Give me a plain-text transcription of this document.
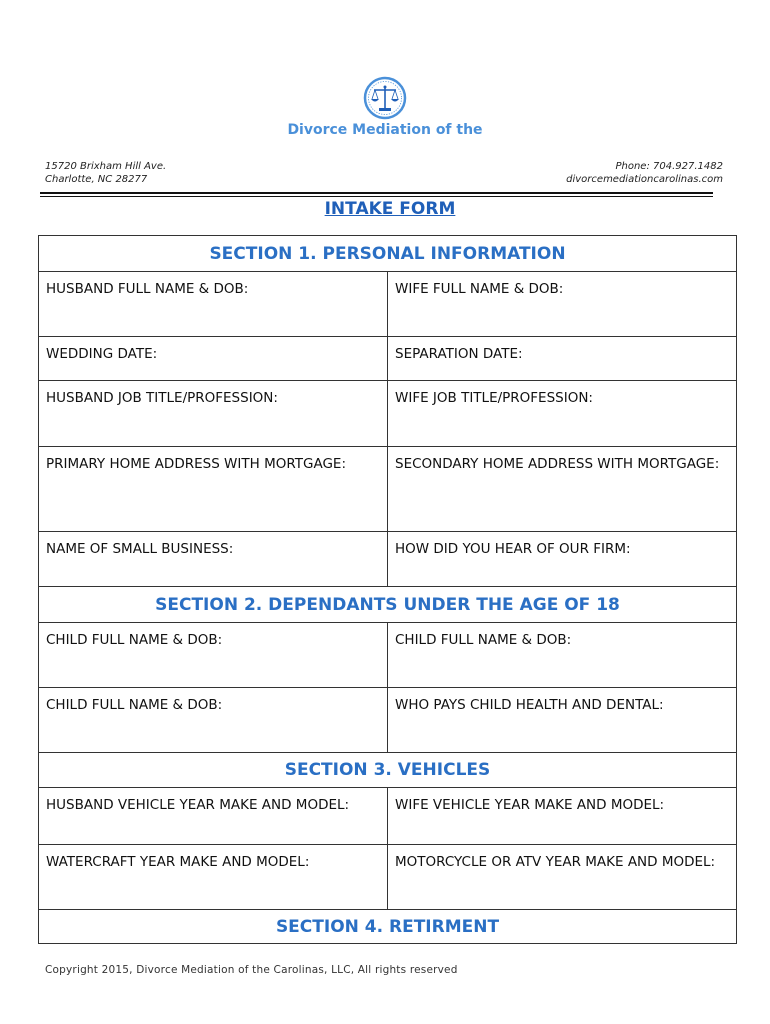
Divorce Mediation of the
15720 Brixham Hill Ave.
Charlotte, NC 28277
Phone: 704.927.1482
divorcemediationcarolinas.com
INTAKE FORM
SECTION 1. PERSONAL INFORMATION	
HUSBAND FULL NAME & DOB:	WIFE FULL NAME & DOB:
WEDDING DATE:	SEPARATION DATE:
HUSBAND JOB TITLE/PROFESSION:	WIFE JOB TITLE/PROFESSION:
PRIMARY HOME ADDRESS WITH MORTGAGE:	SECONDARY HOME ADDRESS WITH MORTGAGE:
NAME OF SMALL BUSINESS:	HOW DID YOU HEAR OF OUR FIRM:
SECTION 2. DEPENDANTS UNDER THE AGE OF 18	
CHILD FULL NAME & DOB:	CHILD FULL NAME & DOB:
CHILD FULL NAME & DOB:	WHO PAYS CHILD HEALTH AND DENTAL:
SECTION 3. VEHICLES	
HUSBAND VEHICLE YEAR MAKE AND MODEL:	WIFE VEHICLE YEAR MAKE AND MODEL:
WATERCRAFT YEAR MAKE AND MODEL:	MOTORCYCLE OR ATV YEAR MAKE AND MODEL:
SECTION 4. RETIRMENT	
Copyright 2015, Divorce Mediation of the Carolinas, LLC, All rights reserved
